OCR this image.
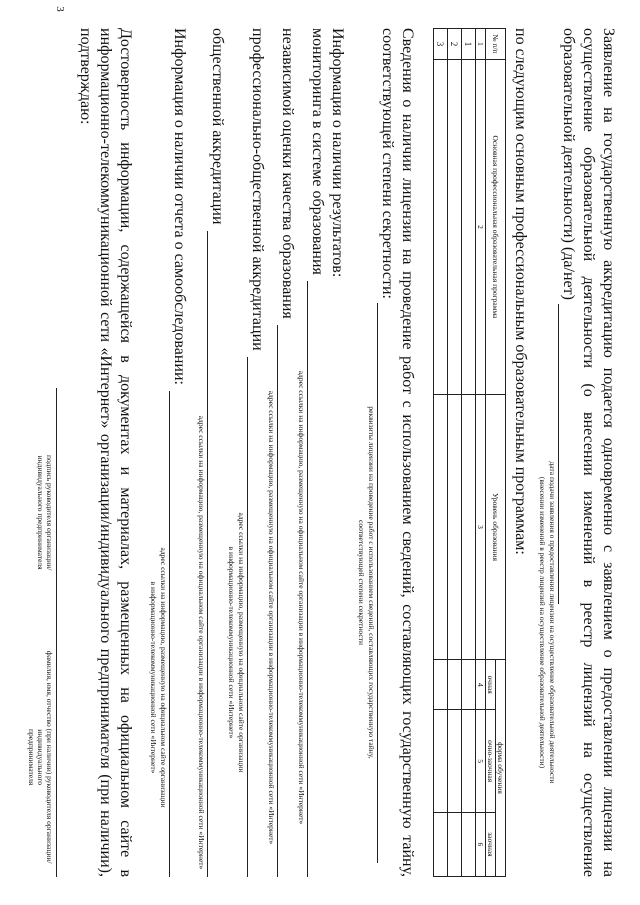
3

Заявление на государственную аккредитацию подается одновременно с заявлением о предоставлении лицензии на осуществление образовательной деятельности (о внесении изменений в реестр лицензий на осуществление образовательной деятельности) (да/нет)

дата подачи заявления о предоставлении лицензии на осуществление образовательной деятельности
(внесении изменений в реестр лицензий на осуществление образовательной деятельности)

по следующим основным профессиональным образовательным программам:

№ п/п	Основная профессиональная образовательная программа	Уровень образования	форма обучения		
			очная	очно-заочная	заочная
1	2	3	4	5	6
1					
2					
3					

Сведения о наличии лицензии на проведение работ с использованием сведений, составляющих государственную тайну, соответствующей степени секретности:

реквизиты лицензии на проведение работ с использованием сведений, составляющих государственную тайну,
соответствующей степени секретности

Информация о наличии результатов:

мониторинга в системе образования
адрес ссылки на информацию, размещенную на официальном сайте организации в информационно-телекоммуникационной сети «Интернет»
независимой оценки качества образования
адрес ссылки на информацию, размещенную на официальном сайте организации в информационно-телекоммуникационной сети «Интернет»
профессионально-общественной аккредитации
адрес ссылки на информацию, размещенную на официальном сайте организации
в информационно-телекоммуникационной сети «Интернет»
общественной аккредитации
адрес ссылки на информацию, размещенную на официальном сайте организации в информационно-телекоммуникационной сети «Интернет»
Информация о наличии отчета о самообследовании:
адрес ссылки на информацию, размещенную на официальном сайте организации
в информационно-телекоммуникационной сети «Интернет»

Достоверность информации, содержащейся в документах и материалах, размещенных на официальном сайте в информационно-телекоммуникационной сети «Интернет» организации/индивидуального предпринимателя (при наличии), подтверждаю:

подпись руководителя организации/
индивидуального предпринимателя
фамилия, имя, отчество (при наличии) руководителя организации/индивидуального
предпринимателя
